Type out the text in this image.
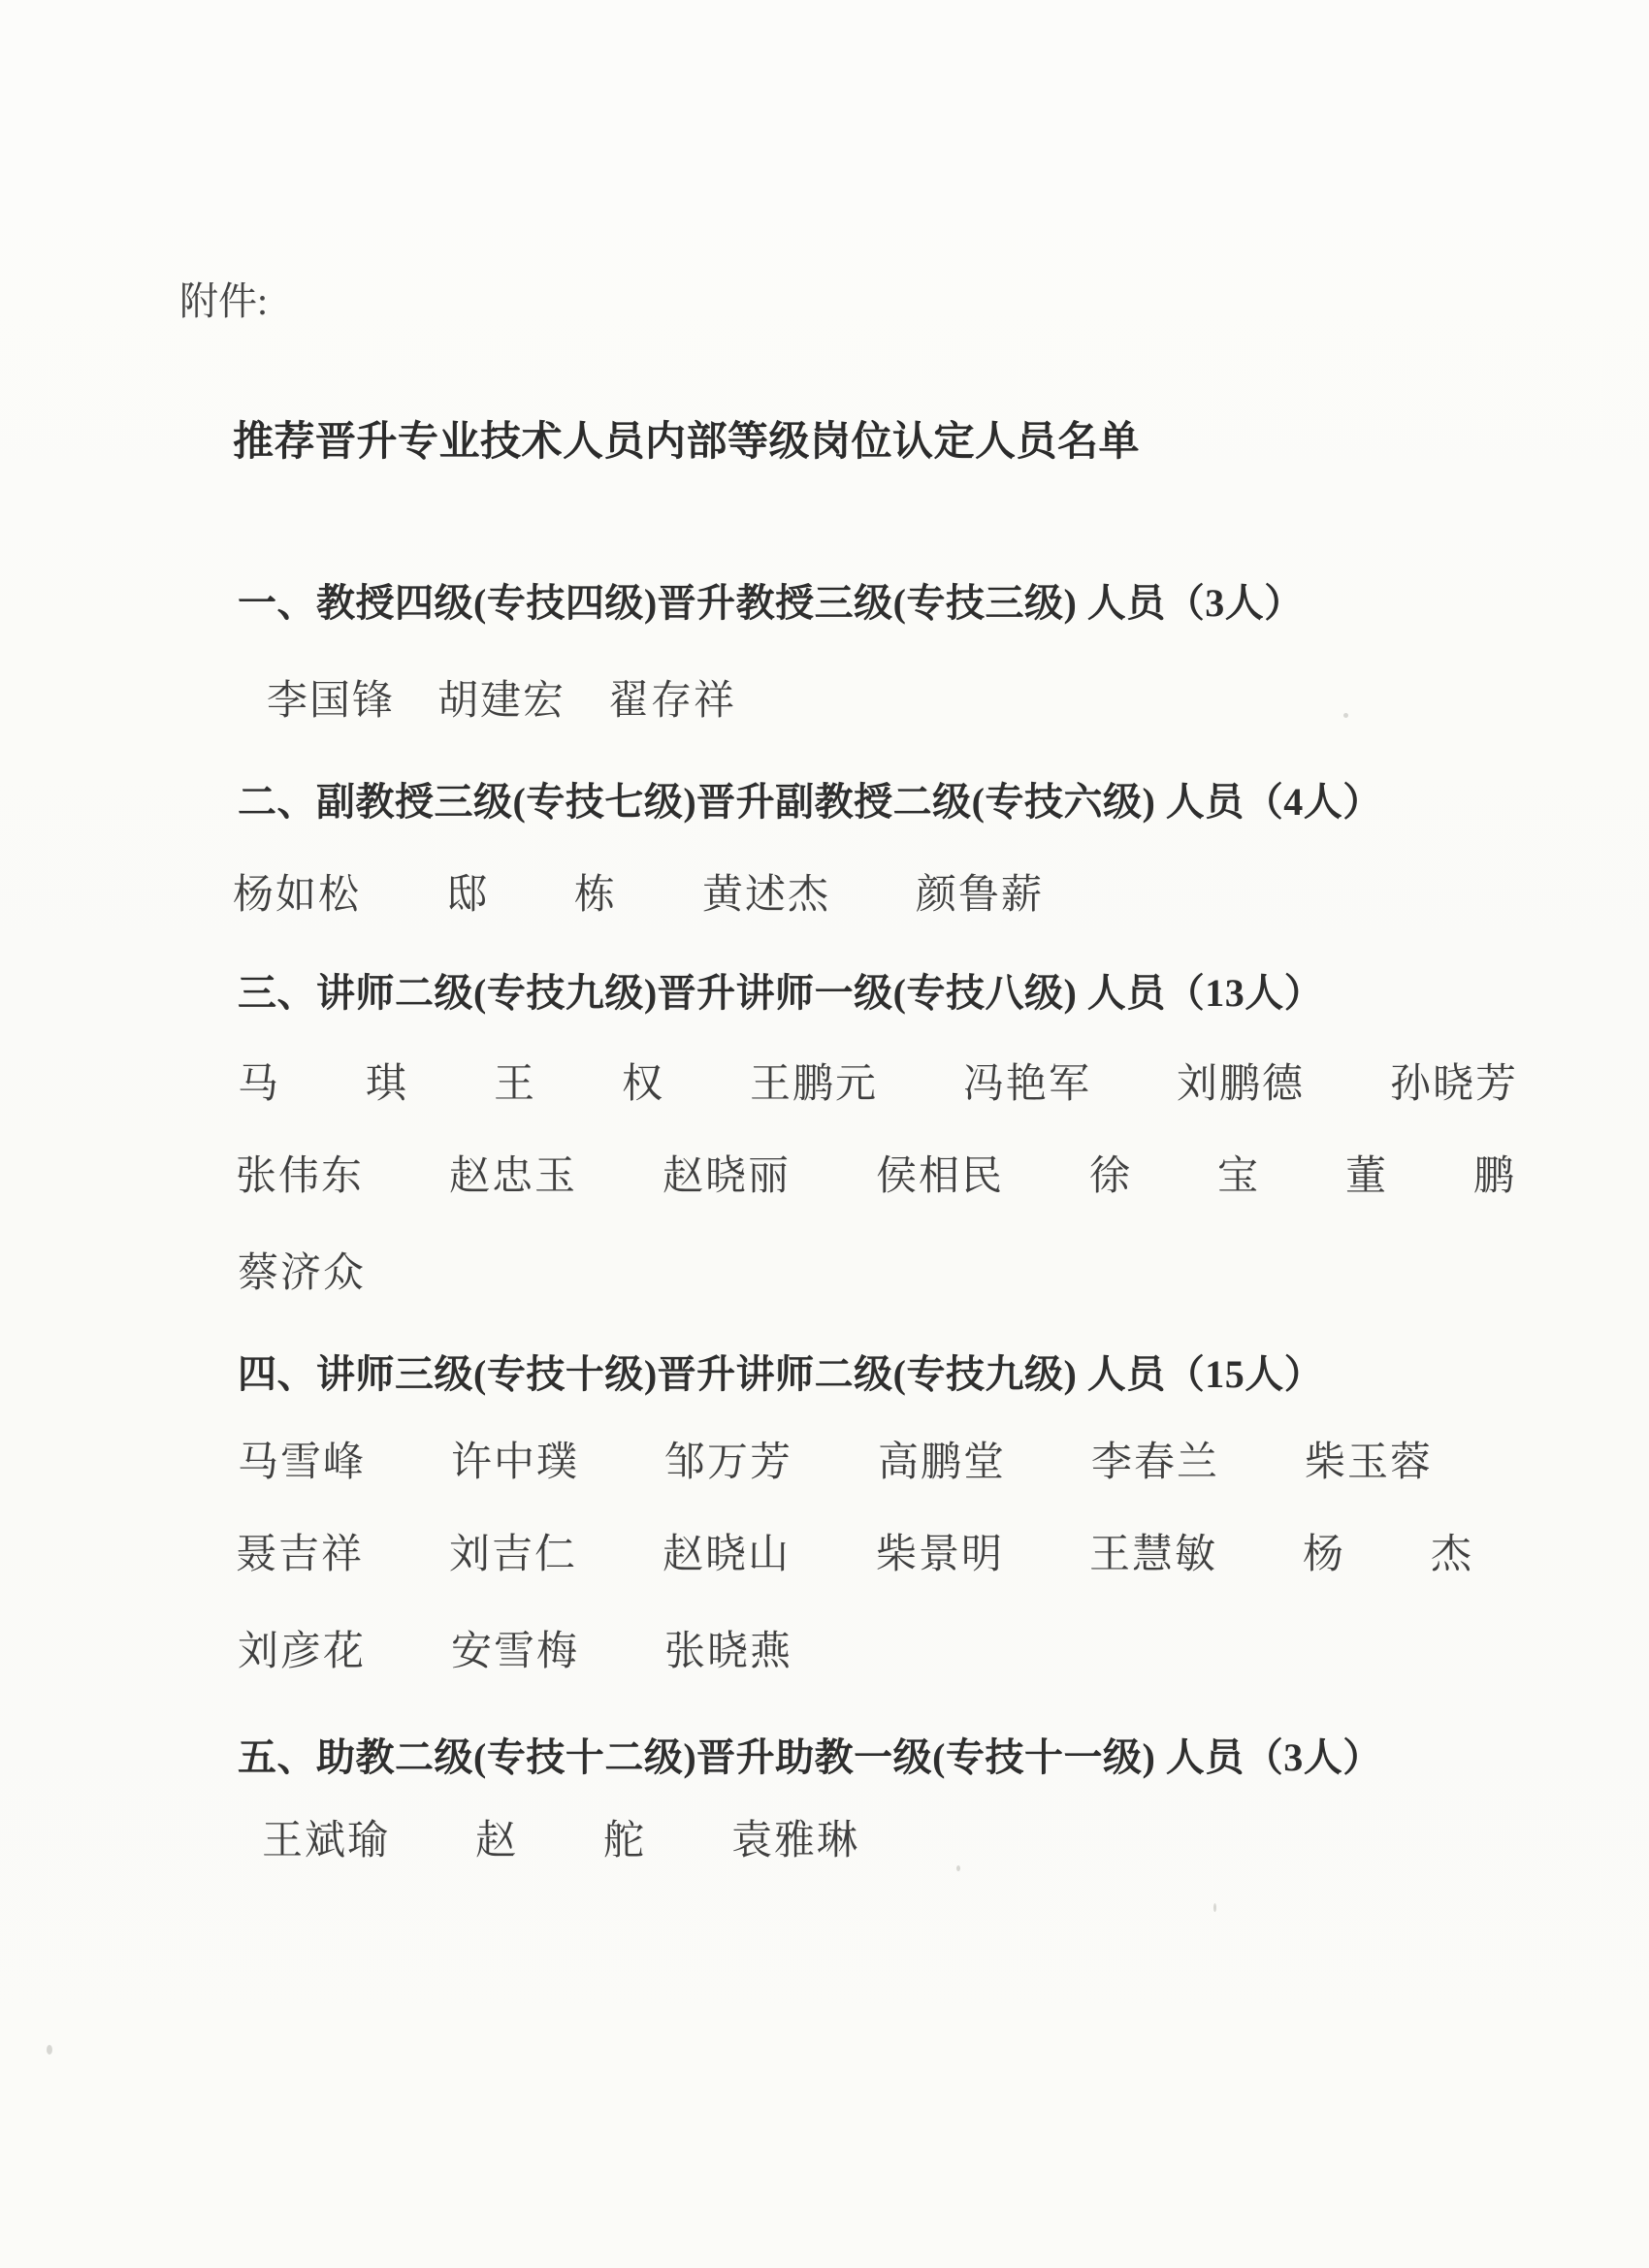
附件:
推荐晋升专业技术人员内部等级岗位认定人员名单
一、教授四级(专技四级)晋升教授三级(专技三级) 人员（3人）
李国锋　胡建宏　翟存祥
二、副教授三级(专技七级)晋升副教授二级(专技六级) 人员（4人）
杨如松　　邸　　栋　　黄述杰　　颜鲁薪
三、讲师二级(专技九级)晋升讲师一级(专技八级) 人员（13人）
马　　琪　　王　　权　　王鹏元　　冯艳军　　刘鹏德　　孙晓芳
张伟东　　赵忠玉　　赵晓丽　　侯相民　　徐　　宝　　董　　鹏
蔡济众
四、讲师三级(专技十级)晋升讲师二级(专技九级) 人员（15人）
马雪峰　　许中璞　　邹万芳　　高鹏堂　　李春兰　　柴玉蓉
聂吉祥　　刘吉仁　　赵晓山　　柴景明　　王慧敏　　杨　　杰
刘彦花　　安雪梅　　张晓燕
五、助教二级(专技十二级)晋升助教一级(专技十一级) 人员（3人）
王斌瑜　　赵　　舵　　袁雅琳
